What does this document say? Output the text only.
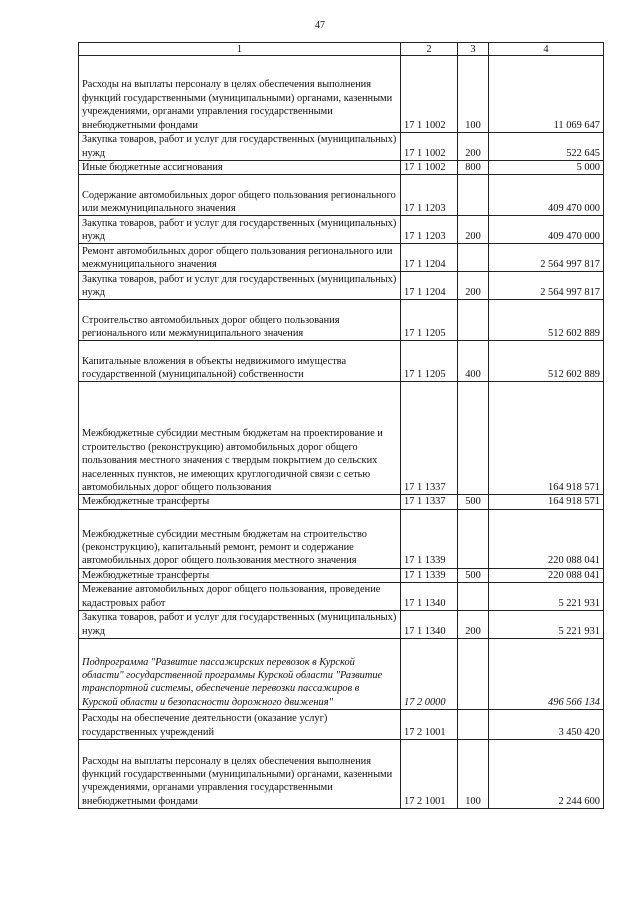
47
1	2	3	4
Расходы на выплаты персоналу в целях обеспечения выполнения функций государственными (муниципальными) органами, казенными учреждениями, органами управления государственными внебюджетными фондами	17 1 1002	100	11 069 647
Закупка товаров, работ и услуг для государственных (муниципальных) нужд	17 1 1002	200	522 645
Иные бюджетные ассигнования	17 1 1002	800	5 000
Содержание автомобильных дорог общего пользования регионального или межмуниципального значения	17 1 1203		409 470 000
Закупка товаров, работ и услуг для государственных (муниципальных) нужд	17 1 1203	200	409 470 000
Ремонт автомобильных дорог общего пользования регионального или межмуниципального значения	17 1 1204		2 564 997 817
Закупка товаров, работ и услуг для государственных (муниципальных) нужд	17 1 1204	200	2 564 997 817
Строительство автомобильных дорог общего пользования регионального или межмуниципального значения	17 1 1205		512 602 889
Капитальные вложения в объекты недвижимого имущества государственной (муниципальной) собственности	17 1 1205	400	512 602 889
Межбюджетные субсидии местным бюджетам на проектирование и строительство (реконструкцию) автомобильных дорог общего пользования местного значения с твердым покрытием до сельских населенных пунктов, не имеющих круглогодичной связи с сетью автомобильных дорог общего пользования	17 1 1337		164 918 571
Межбюджетные трансферты	17 1 1337	500	164 918 571
Межбюджетные субсидии местным бюджетам на строительство (реконструкцию), капитальный ремонт, ремонт и содержание автомобильных дорог общего пользования местного значения	17 1 1339		220 088 041
Межбюджетные трансферты	17 1 1339	500	220 088 041
Межевание автомобильных дорог общего пользования, проведение кадастровых работ	17 1 1340		5 221 931
Закупка товаров, работ и услуг для государственных (муниципальных) нужд	17 1 1340	200	5 221 931
Подпрограмма "Развитие пассажирских перевозок в Курской области" государственной программы Курской области "Развитие транспортной системы, обеспечение перевозки пассажиров в Курской области и безопасности дорожного движения"	17 2 0000		496 566 134
Расходы на обеспечение деятельности (оказание услуг) государственных учреждений	17 2 1001		3 450 420
Расходы на выплаты персоналу в целях обеспечения выполнения функций государственными (муниципальными) органами, казенными учреждениями, органами управления государственными внебюджетными фондами	17 2 1001	100	2 244 600
